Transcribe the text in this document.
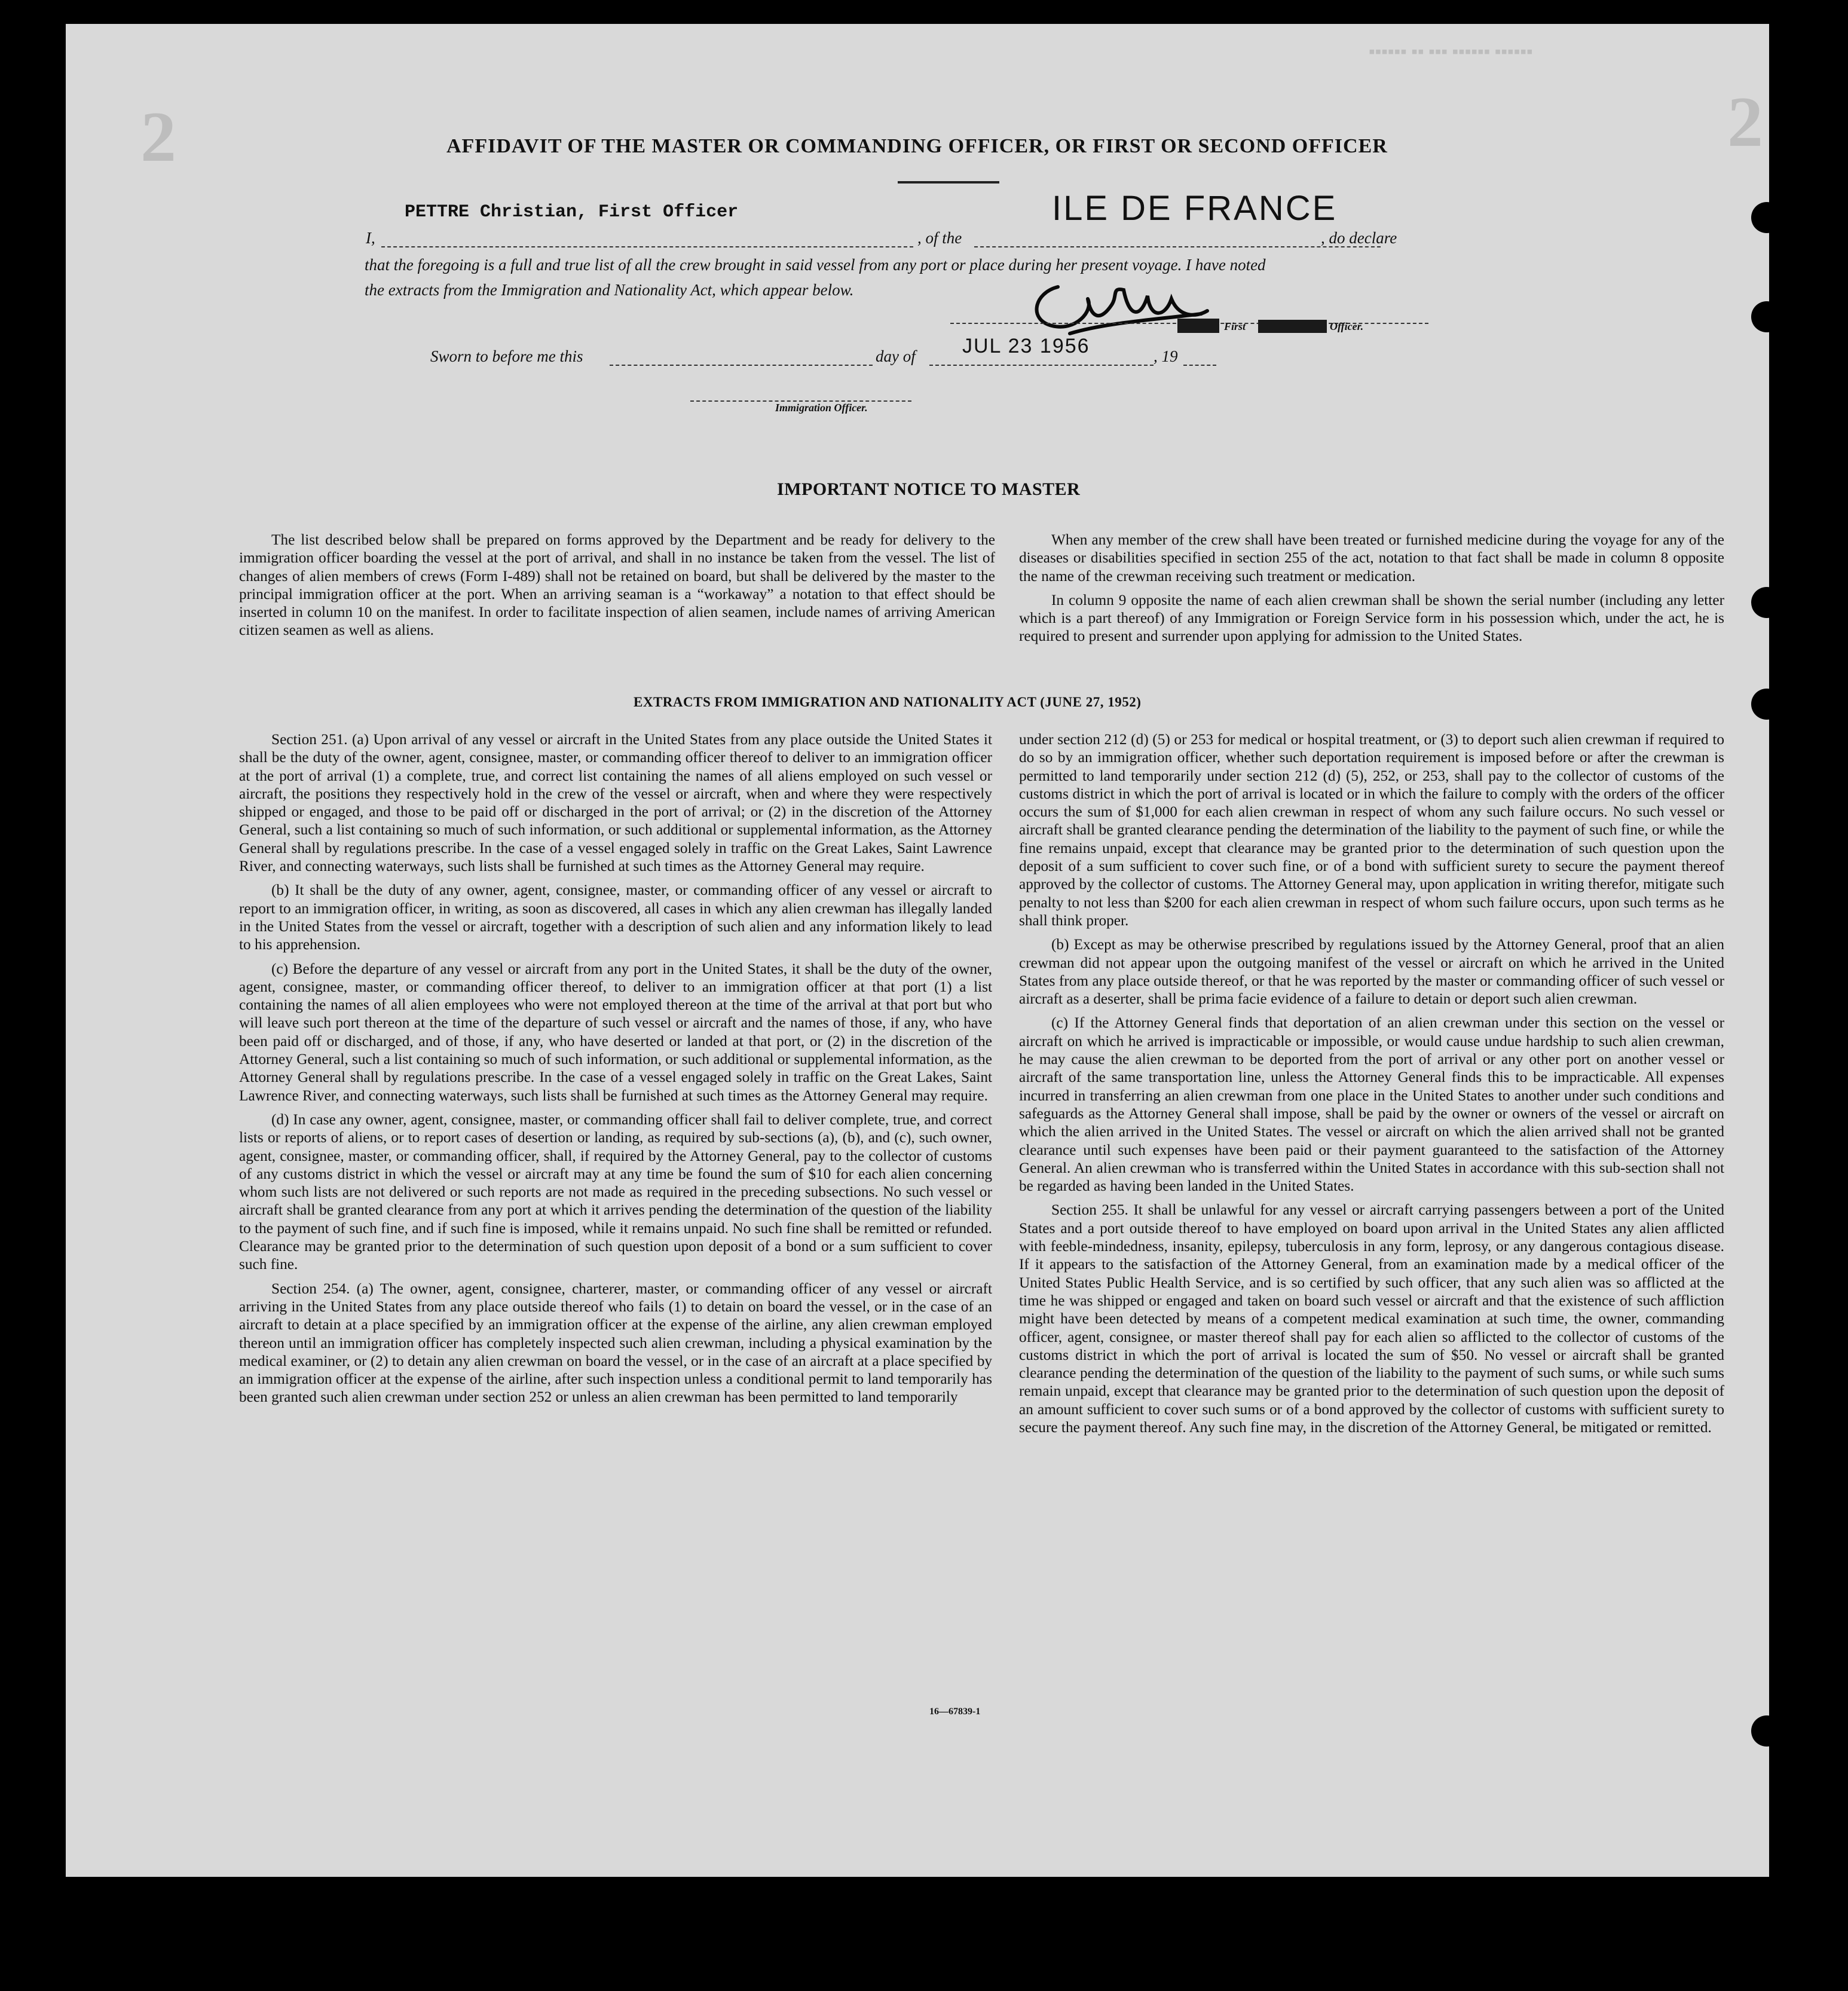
▪▪▪▪▪▪ ▪▪ ▪▪▪ ▪▪▪▪▪▪ ▪▪▪▪▪▪
2
2	AFFIDAVIT OF THE MASTER OR COMMANDING OFFICER, OR FIRST OR SECOND OFFICER
I,
PETTRE Christian, First Officer
, of the
ILE DE FRANCE
, do declare
that the foregoing is a full and true list of all the crew brought in said vessel from any port or place during her present voyage. I have noted
the extracts from the Immigration and Nationality Act, which appear below.
First	Officer.
Sworn to before me this	day of JUL 23 1956	, 19
Immigration Officer.
IMPORTANT NOTICE TO MASTER

The list described below shall be prepared on forms approved by the Department and be ready for delivery to the immigration officer boarding the vessel at the port of arrival, and shall in no instance be taken from the vessel. The list of changes of alien members of crews (Form I-489) shall not be retained on board, but shall be delivered by the master to the principal immigration officer at the port. When an arriving seaman is a “workaway” a notation to that effect should be inserted in column 10 on the manifest. In order to facilitate inspection of alien seamen, include names of arriving American citizen seamen as well as aliens.

When any member of the crew shall have been treated or furnished medicine during the voyage for any of the diseases or disabilities specified in section 255 of the act, notation to that fact shall be made in column 8 opposite the name of the crewman receiving such treatment or medication.

In column 9 opposite the name of each alien crewman shall be shown the serial number (including any letter which is a part thereof) of any Immigration or Foreign Service form in his possession which, under the act, he is required to present and surrender upon applying for admission to the United States.

EXTRACTS FROM IMMIGRATION AND NATIONALITY ACT (JUNE 27, 1952)

Section 251. (a) Upon arrival of any vessel or aircraft in the United States from any place outside the United States it shall be the duty of the owner, agent, consignee, master, or commanding officer thereof to deliver to an immigration officer at the port of arrival (1) a complete, true, and correct list containing the names of all aliens employed on such vessel or aircraft, the positions they respectively hold in the crew of the vessel or aircraft, when and where they were respectively shipped or engaged, and those to be paid off or discharged in the port of arrival; or (2) in the discretion of the Attorney General, such a list containing so much of such information, or such additional or supplemental information, as the Attorney General shall by regulations prescribe. In the case of a vessel engaged solely in traffic on the Great Lakes, Saint Lawrence River, and connecting waterways, such lists shall be furnished at such times as the Attorney General may require.

(b) It shall be the duty of any owner, agent, consignee, master, or commanding officer of any vessel or aircraft to report to an immigration officer, in writing, as soon as discovered, all cases in which any alien crewman has illegally landed in the United States from the vessel or aircraft, together with a description of such alien and any information likely to lead to his apprehension.

(c) Before the departure of any vessel or aircraft from any port in the United States, it shall be the duty of the owner, agent, consignee, master, or commanding officer thereof, to deliver to an immigration officer at that port (1) a list containing the names of all alien employees who were not employed thereon at the time of the arrival at that port but who will leave such port thereon at the time of the departure of such vessel or aircraft and the names of those, if any, who have been paid off or discharged, and of those, if any, who have deserted or landed at that port, or (2) in the discretion of the Attorney General, such a list containing so much of such information, or such additional or supplemental information, as the Attorney General shall by regulations prescribe. In the case of a vessel engaged solely in traffic on the Great Lakes, Saint Lawrence River, and connecting waterways, such lists shall be furnished at such times as the Attorney General may require.

(d) In case any owner, agent, consignee, master, or commanding officer shall fail to deliver complete, true, and correct lists or reports of aliens, or to report cases of desertion or landing, as required by sub-sections (a), (b), and (c), such owner, agent, consignee, master, or commanding officer, shall, if required by the Attorney General, pay to the collector of customs of any customs district in which the vessel or aircraft may at any time be found the sum of $10 for each alien concerning whom such lists are not delivered or such reports are not made as required in the preceding subsections. No such vessel or aircraft shall be granted clearance from any port at which it arrives pending the determination of the question of the liability to the payment of such fine, and if such fine is imposed, while it remains unpaid. No such fine shall be remitted or refunded. Clearance may be granted prior to the determination of such question upon deposit of a bond or a sum sufficient to cover such fine.

Section 254. (a) The owner, agent, consignee, charterer, master, or commanding officer of any vessel or aircraft arriving in the United States from any place outside thereof who fails (1) to detain on board the vessel, or in the case of an aircraft to detain at a place specified by an immigration officer at the expense of the airline, any alien crewman employed thereon until an immigration officer has completely inspected such alien crewman, including a physical examination by the medical examiner, or (2) to detain any alien crewman on board the vessel, or in the case of an aircraft at a place specified by an immigration officer at the expense of the airline, after such inspection unless a conditional permit to land temporarily has been granted such alien crewman under section 252 or unless an alien crewman has been permitted to land temporarily

under section 212 (d) (5) or 253 for medical or hospital treatment, or (3) to deport such alien crewman if required to do so by an immigration officer, whether such deportation requirement is imposed before or after the crewman is permitted to land temporarily under section 212 (d) (5), 252, or 253, shall pay to the collector of customs of the customs district in which the port of arrival is located or in which the failure to comply with the orders of the officer occurs the sum of $1,000 for each alien crewman in respect of whom any such failure occurs. No such vessel or aircraft shall be granted clearance pending the determination of the liability to the payment of such fine, or while the fine remains unpaid, except that clearance may be granted prior to the determination of such question upon the deposit of a sum sufficient to cover such fine, or of a bond with sufficient surety to secure the payment thereof approved by the collector of customs. The Attorney General may, upon application in writing therefor, mitigate such penalty to not less than $200 for each alien crewman in respect of whom such failure occurs, upon such terms as he shall think proper.

(b) Except as may be otherwise prescribed by regulations issued by the Attorney General, proof that an alien crewman did not appear upon the outgoing manifest of the vessel or aircraft on which he arrived in the United States from any place outside thereof, or that he was reported by the master or commanding officer of such vessel or aircraft as a deserter, shall be prima facie evidence of a failure to detain or deport such alien crewman.

(c) If the Attorney General finds that deportation of an alien crewman under this section on the vessel or aircraft on which he arrived is impracticable or impossible, or would cause undue hardship to such alien crewman, he may cause the alien crewman to be deported from the port of arrival or any other port on another vessel or aircraft of the same transportation line, unless the Attorney General finds this to be impracticable. All expenses incurred in transferring an alien crewman from one place in the United States to another under such conditions and safeguards as the Attorney General shall impose, shall be paid by the owner or owners of the vessel or aircraft on which the alien arrived in the United States. The vessel or aircraft on which the alien arrived shall not be granted clearance until such expenses have been paid or their payment guaranteed to the satisfaction of the Attorney General. An alien crewman who is transferred within the United States in accordance with this sub-section shall not be regarded as having been landed in the United States.

Section 255. It shall be unlawful for any vessel or aircraft carrying passengers between a port of the United States and a port outside thereof to have employed on board upon arrival in the United States any alien afflicted with feeble-mindedness, insanity, epilepsy, tuberculosis in any form, leprosy, or any dangerous contagious disease. If it appears to the satisfaction of the Attorney General, from an examination made by a medical officer of the United States Public Health Service, and is so certified by such officer, that any such alien was so afflicted at the time he was shipped or engaged and taken on board such vessel or aircraft and that the existence of such affliction might have been detected by means of a competent medical examination at such time, the owner, commanding officer, agent, consignee, or master thereof shall pay for each alien so afflicted to the collector of customs of the customs district in which the port of arrival is located the sum of $50. No vessel or aircraft shall be granted clearance pending the determination of the question of the liability to the payment of such sums, or while such sums remain unpaid, except that clearance may be granted prior to the determination of such question upon the deposit of an amount sufficient to cover such sums or of a bond approved by the collector of customs with sufficient surety to secure the payment thereof. Any such fine may, in the discretion of the Attorney General, be mitigated or remitted.

16—67839-1
